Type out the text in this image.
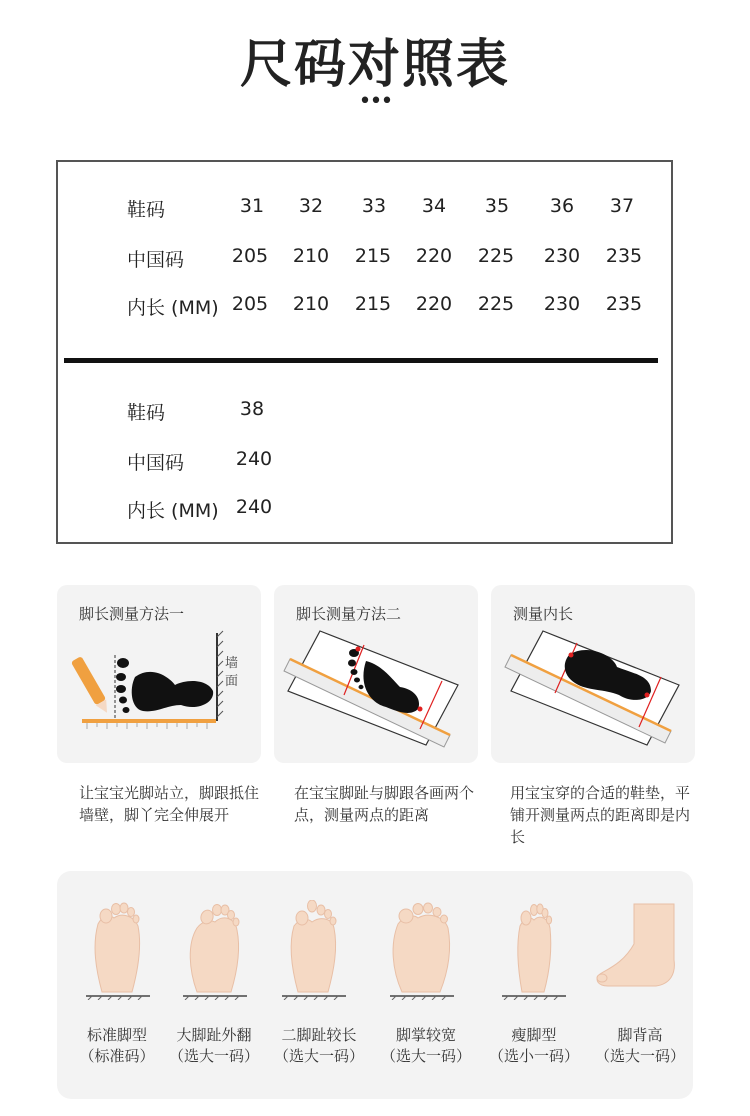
尺码对照表
•••
鞋码	31	32	33	34	35	36	37
中国码	205	210	215	220	225	230	235
内长 (MM) 205	210	215	220	225	230	235
鞋码	38
中国码	240
内长 (MM) 240
脚长测量方法一
墙
面
脚长测量方法二	测量内长
让宝宝光脚站立，脚跟抵住墙壁，脚丫完全伸展开
在宝宝脚趾与脚跟各画两个点，测量两点的距离
用宝宝穿的合适的鞋垫，平铺开测量两点的距离即是内长
标准脚型
（标准码）
大脚趾外翻
（选大一码）
二脚趾较长
（选大一码）
脚掌较宽
（选大一码）
瘦脚型
（选小一码）
脚背高
（选大一码）
